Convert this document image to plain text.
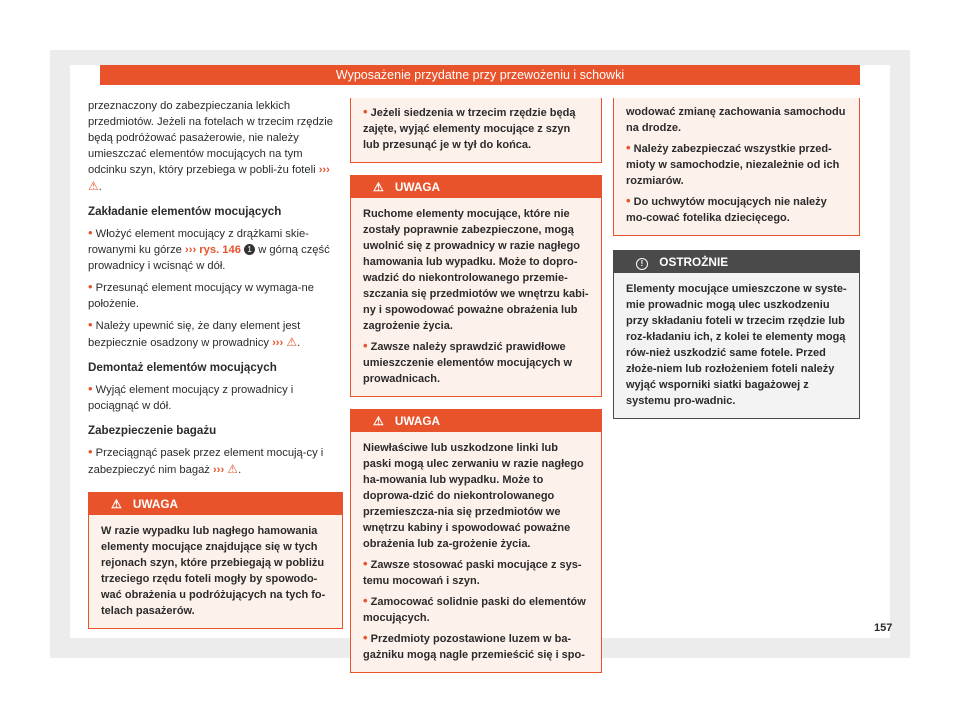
Wyposażenie przydatne przy przewożeniu i schowki

przeznaczony do zabezpieczania lekkich przedmiotów. Jeżeli na fotelach w trzecim rzędzie będą podróżować pasażerowie, nie należy umieszczać elementów mocujących na tym odcinku szyn, który przebiega w pobli-żu foteli ››› ⚠.

Zakładanie elementów mocujących

• Włożyć element mocujący z drążkami skie-rowanymi ku górze ››› rys. 146 1 w górną część prowadnicy i wcisnąć w dół.

• Przesunąć element mocujący w wymaga-ne położenie.

• Należy upewnić się, że dany element jest bezpiecznie osadzony w prowadnicy ››› ⚠.

Demontaż elementów mocujących

• Wyjąć element mocujący z prowadnicy i pociągnąć w dół.

Zabezpieczenie bagażu

• Przeciągnąć pasek przez element mocują-cy i zabezpieczyć nim bagaż ››› ⚠.

⚠ UWAGA

W razie wypadku lub nagłego hamowania elementy mocujące znajdujące się w tych rejonach szyn, które przebiegają w pobliżu trzeciego rzędu foteli mogły by spowodo-wać obrażenia u podróżujących na tych fo-telach pasażerów.

• Jeżeli siedzenia w trzecim rzędzie będą zajęte, wyjąć elementy mocujące z szyn lub przesunąć je w tył do końca.

⚠ UWAGA

Ruchome elementy mocujące, które nie zostały poprawnie zabezpieczone, mogą uwolnić się z prowadnicy w razie nagłego hamowania lub wypadku. Może to dopro-wadzić do niekontrolowanego przemie-szczania się przedmiotów we wnętrzu kabi-ny i spowodować poważne obrażenia lub zagrożenie życia.

• Zawsze należy sprawdzić prawidłowe umieszczenie elementów mocujących w prowadnicach.

⚠ UWAGA

Niewłaściwe lub uszkodzone linki lub paski mogą ulec zerwaniu w razie nagłego ha-mowania lub wypadku. Może to doprowa-dzić do niekontrolowanego przemieszcza-nia się przedmiotów we wnętrzu kabiny i spowodować poważne obrażenia lub za-grożenie życia.

• Zawsze stosować paski mocujące z sys-temu mocowań i szyn.

• Zamocować solidnie paski do elementów mocujących.

• Przedmioty pozostawione luzem w ba-gażniku mogą nagle przemieścić się i spo-

wodować zmianę zachowania samochodu na drodze.

• Należy zabezpieczać wszystkie przed-mioty w samochodzie, niezależnie od ich rozmiarów.

• Do uchwytów mocujących nie należy mo-cować fotelika dziecięcego.

! OSTROŻNIE

Elementy mocujące umieszczone w syste-mie prowadnic mogą ulec uszkodzeniu przy składaniu foteli w trzecim rzędzie lub roz-kładaniu ich, z kolei te elementy mogą rów-nież uszkodzić same fotele. Przed złoże-niem lub rozłożeniem foteli należy wyjąć wsporniki siatki bagażowej z systemu pro-wadnic.

157
